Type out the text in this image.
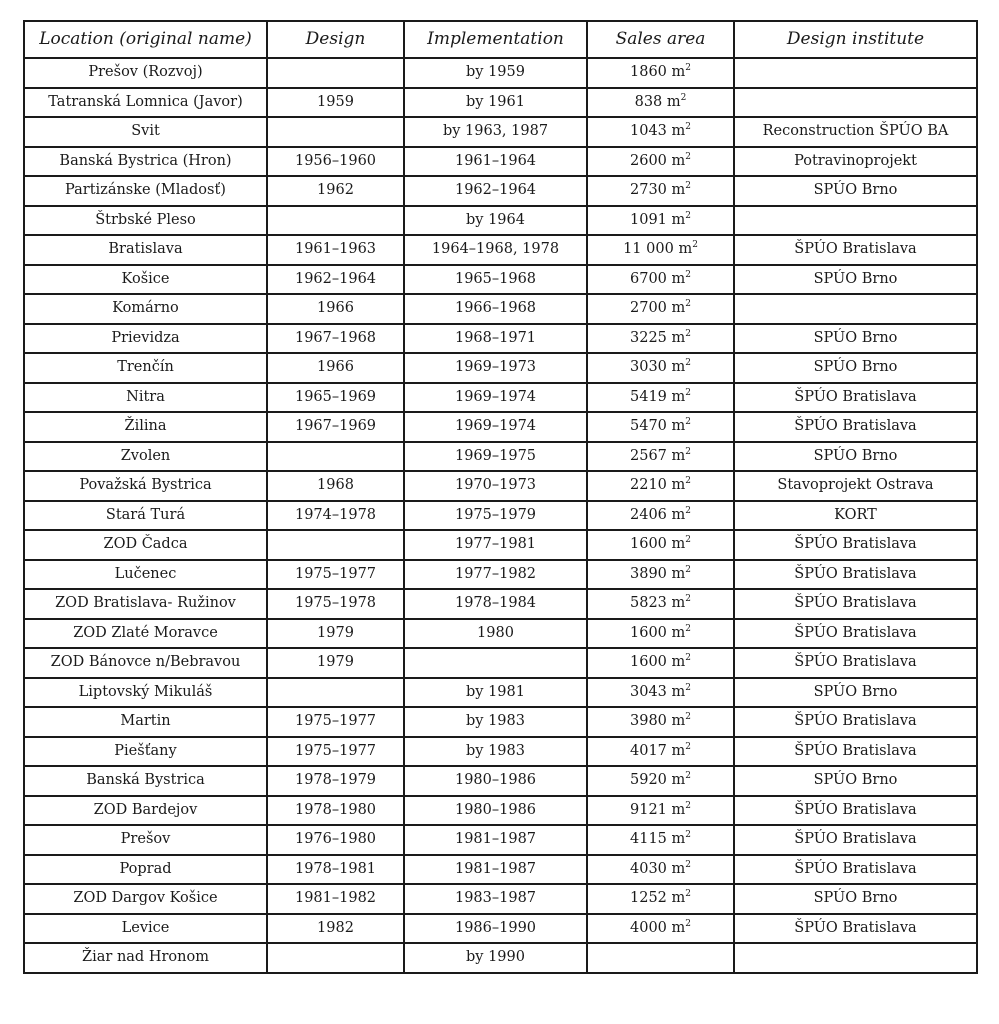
Location (original name)	Design	Implementation	Sales area	Design institute
Prešov (Rozvoj)		by 1959	1860 $m^2$	
Tatranská Lomnica (Javor)	1959	by 1961	838 $m^2$	
Svit		by 1963, 1987	1043 $m^2$	Reconstruction ŠPÚO BA
Banská Bystrica (Hron)	1956–1960	1961–1964	2600 $m^2$	Potravinoprojekt
Partizánske (Mladosť)	1962	1962–1964	2730 $m^2$	SPÚO Brno
Štrbské Pleso		by 1964	1091 $m^2$	
Bratislava	1961–1963	1964–1968, 1978	11 000 $m^2$	ŠPÚO Bratislava
Košice	1962–1964	1965–1968	6700 $m^2$	SPÚO Brno
Komárno	1966	1966–1968	2700 $m^2$	
Prievidza	1967–1968	1968–1971	3225 $m^2$	SPÚO Brno
Trenčín	1966	1969–1973	3030 $m^2$	SPÚO Brno
Nitra	1965–1969	1969–1974	5419 $m^2$	ŠPÚO Bratislava
Žilina	1967–1969	1969–1974	5470 $m^2$	ŠPÚO Bratislava
Zvolen		1969–1975	2567 $m^2$	SPÚO Brno
Považská Bystrica	1968	1970–1973	2210 $m^2$	Stavoprojekt Ostrava
Stará Turá	1974–1978	1975–1979	2406 $m^2$	KORT
ZOD Čadca		1977–1981	1600 $m^2$	ŠPÚO Bratislava
Lučenec	1975–1977	1977–1982	3890 $m^2$	ŠPÚO Bratislava
ZOD Bratislava- Ružinov	1975–1978	1978–1984	5823 $m^2$	ŠPÚO Bratislava
ZOD Zlaté Moravce	1979	1980	1600 $m^2$	ŠPÚO Bratislava
ZOD Bánovce n/Bebravou	1979		1600 $m^2$	ŠPÚO Bratislava
Liptovský Mikuláš		by 1981	3043 $m^2$	SPÚO Brno
Martin	1975–1977	by 1983	3980 $m^2$	ŠPÚO Bratislava
Piešťany	1975–1977	by 1983	4017 $m^2$	ŠPÚO Bratislava
Banská Bystrica	1978–1979	1980–1986	5920 $m^2$	SPÚO Brno
ZOD Bardejov	1978–1980	1980–1986	9121 $m^2$	ŠPÚO Bratislava
Prešov	1976–1980	1981–1987	4115 $m^2$	ŠPÚO Bratislava
Poprad	1978–1981	1981–1987	4030 $m^2$	ŠPÚO Bratislava
ZOD Dargov Košice	1981–1982	1983–1987	1252 $m^2$	SPÚO Brno
Levice	1982	1986–1990	4000 $m^2$	ŠPÚO Bratislava
Žiar nad Hronom		by 1990		
